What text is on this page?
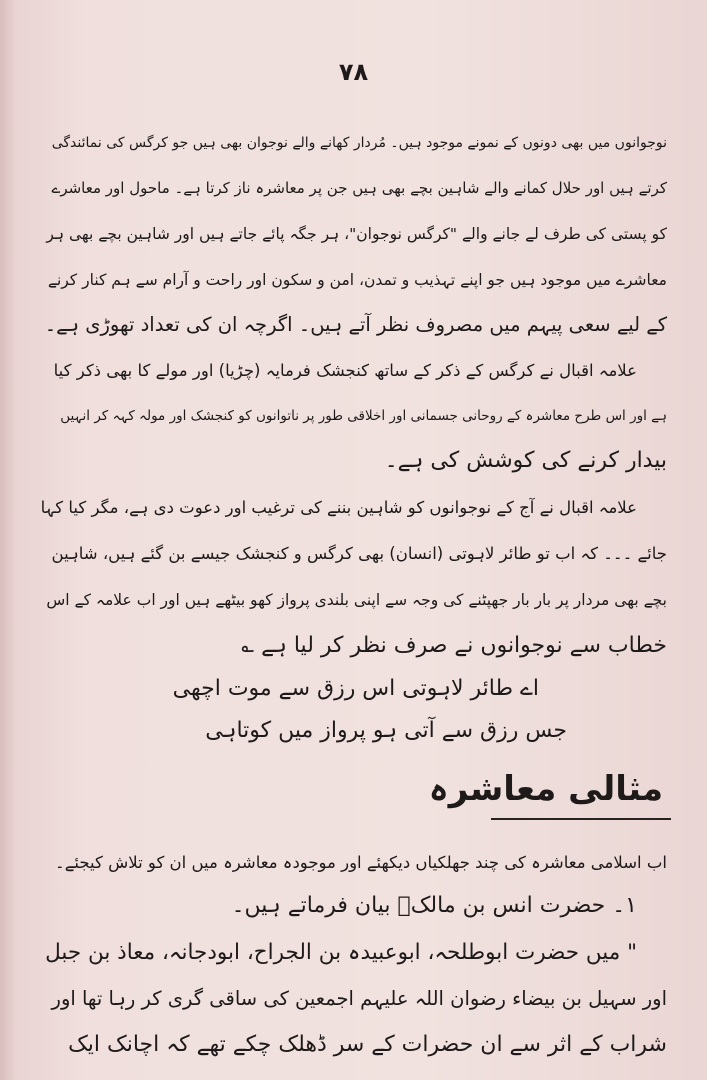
۷۸
نوجوانوں میں بھی دونوں کے نمونے موجود ہیں۔ مُردار کھانے والے نوجوان بھی ہیں جو کرگس کی نمائندگی
کرتے ہیں اور حلال کمانے والے شاہین بچے بھی ہیں جن پر معاشرہ ناز کرتا ہے۔ ماحول اور معاشرے
کو پستی کی طرف لے جانے والے "کرگس نوجوان"، ہر جگہ پائے جاتے ہیں اور شاہین بچے بھی ہر
معاشرے میں موجود ہیں جو اپنے تہذیب و تمدن، امن و سکون اور راحت و آرام سے ہم کنار کرنے
کے لیے سعی پیہم میں مصروف نظر آتے ہیں۔ اگرچہ ان کی تعداد تھوڑی ہے۔
علامہ اقبال نے کرگس کے ذکر کے ساتھ کنجشک فرمایہ (چڑیا) اور مولے کا بھی ذکر کیا
ہے اور اس طرح معاشرہ کے روحانی جسمانی اور اخلاقی طور پر ناتوانوں کو کنجشک اور مولہ کہہ کر انہیں
بیدار کرنے کی کوشش کی ہے۔
علامہ اقبال نے آج کے نوجوانوں کو شاہین بننے کی ترغیب اور دعوت دی ہے، مگر کیا کہا
جائے ۔۔۔ کہ اب تو طائر لاہوتی (انسان) بھی کرگس و کنجشک جیسے بن گئے ہیں، شاہین
بچے بھی مردار پر بار بار جھپٹنے کی وجہ سے اپنی بلندی پرواز کھو بیٹھے ہیں اور اب علامہ کے اس
خطاب سے نوجوانوں نے صرف نظر کر لیا ہے ؎
اے طائر لاہوتی اس رزق سے موت اچھی
جس رزق سے آتی ہو پرواز میں کوتاہی
مثالی معاشرہ
اب اسلامی معاشرہ کی چند جھلکیاں دیکھئے اور موجودہ معاشرہ میں ان کو تلاش کیجئے۔
۱۔ حضرت انس بن مالکؓ بیان فرماتے ہیں۔
" میں حضرت ابوطلحہ، ابوعبیدہ بن الجراح، ابودجانہ، معاذ بن جبل
اور سہیل بن بیضاء رضوان اللہ علیہم اجمعین کی ساقی گری کر رہا تھا اور
شراب کے اثر سے ان حضرات کے سر ڈھلک چکے تھے کہ اچانک ایک
